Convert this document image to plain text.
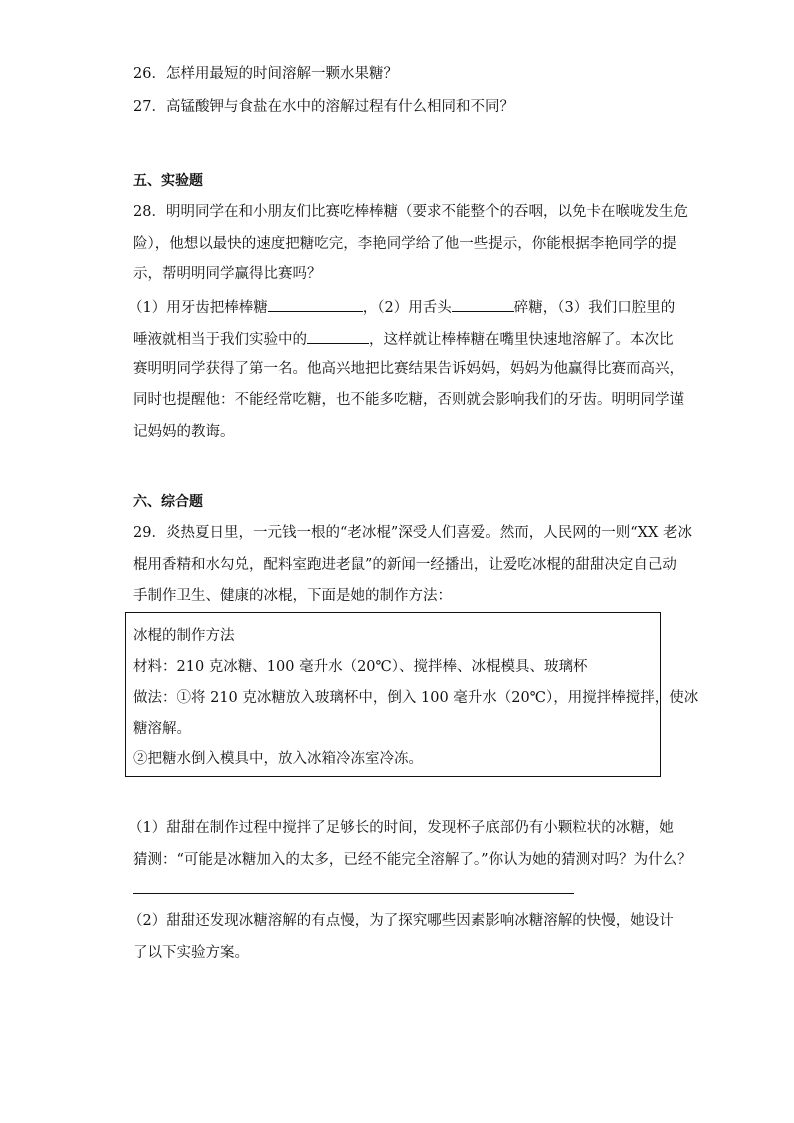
26．怎样用最短的时间溶解一颗水果糖？
27．高锰酸钾与食盐在水中的溶解过程有什么相同和不同？
五、实验题
28．明明同学在和小朋友们比赛吃棒棒糖（要求不能整个的吞咽，以免卡在喉咙发生危
险），他想以最快的速度把糖吃完，李艳同学给了他一些提示，你能根据李艳同学的提
示，帮明明同学赢得比赛吗？
（1）用牙齿把棒棒糖	，（2）用舌头	碎糖，（3）我们口腔里的
唾液就相当于我们实验中的	，这样就让棒棒糖在嘴里快速地溶解了。本次比
赛明明同学获得了第一名。他高兴地把比赛结果告诉妈妈，妈妈为他赢得比赛而高兴，
同时也提醒他：不能经常吃糖，也不能多吃糖，否则就会影响我们的牙齿。明明同学谨
记妈妈的教诲。
六、综合题
29．炎热夏日里，一元钱一根的“老冰棍”深受人们喜爱。然而，人民网的一则“XX 老冰
棍用香精和水勾兑，配料室跑进老鼠”的新闻一经播出，让爱吃冰棍的甜甜决定自己动
手制作卫生、健康的冰棍，下面是她的制作方法：
冰棍的制作方法
材料：210 克冰糖、100 毫升水（20℃）、搅拌棒、冰棍模具、玻璃杯
做法：①将 210 克冰糖放入玻璃杯中，倒入 100 毫升水（20℃），用搅拌棒搅拌，使冰
糖溶解。
②把糖水倒入模具中，放入冰箱冷冻室冷冻。
（1）甜甜在制作过程中搅拌了足够长的时间，发现杯子底部仍有小颗粒状的冰糖，她
猜测：“可能是冰糖加入的太多，已经不能完全溶解了。”你认为她的猜测对吗？为什么？
（2）甜甜还发现冰糖溶解的有点慢，为了探究哪些因素影响冰糖溶解的快慢，她设计
了以下实验方案。
